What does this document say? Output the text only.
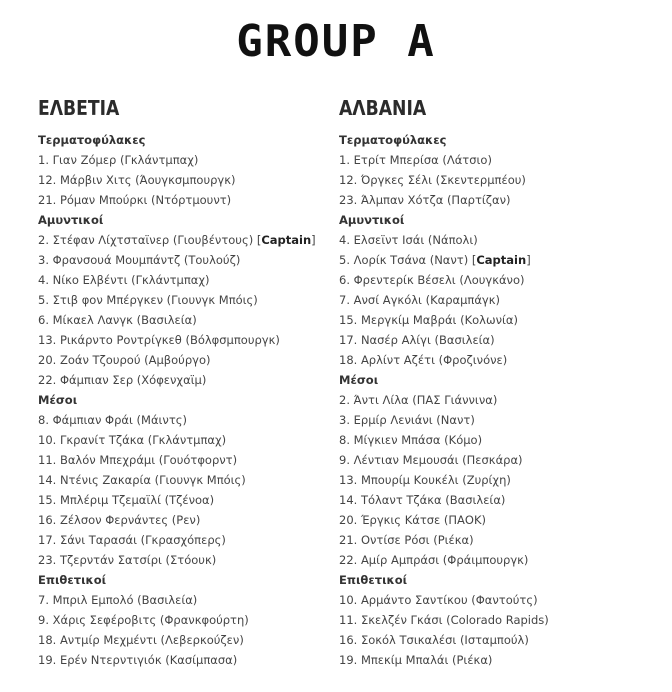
GROUP A
ΕΛΒΕΤΙΑ
Τερματοφύλακες
1. Γιαν Ζόμερ (Γκλάντμπαχ)
12. Μάρβιν Χιτς (Άουγκσμπουργκ)
21. Ρόμαν Μπούρκι (Ντόρτμουντ)
Αμυντικοί
2. Στέφαν Λίχτσταϊνερ (Γιουβέντους) [Captain]
3. Φρανσουά Μουμπάντζ (Τουλούζ)
4. Νίκο Ελβέντι (Γκλάντμπαχ)
5. Στιβ φον Μπέργκεν (Γιουνγκ Μπόις)
6. Μίκαελ Λανγκ (Βασιλεία)
13. Ρικάρντο Ροντρίγκεθ (Βόλφσμπουργκ)
20. Ζοάν Τζουρού (Αμβούργο)
22. Φάμπιαν Σερ (Χόφενχαϊμ)
Μέσοι
8. Φάμπιαν Φράι (Μάιντς)
10. Γκρανίτ Τζάκα (Γκλάντμπαχ)
11. Βαλόν Μπεχράμι (Γουότφορντ)
14. Ντένις Ζακαρία (Γιουνγκ Μπόις)
15. Μπλέριμ Τζεμαϊλί (Τζένοα)
16. Ζέλσον Φερνάντες (Ρεν)
17. Σάνι Ταρασάι (Γκρασχόπερς)
23. Τζερντάν Σατσίρι (Στόουκ)
Επιθετικοί
7. Μπριλ Εμπολό (Βασιλεία)
9. Χάρις Σεφέροβιτς (Φρανκφούρτη)
18. Αντμίρ Μεχμέντι (Λεβερκούζεν)
19. Ερέν Ντερντιγιόκ (Κασίμπασα)
ΑΛΒΑΝΙΑ
Τερματοφύλακες
1. Ετρίτ Μπερίσα (Λάτσιο)
12. Όργκες Σέλι (Σκεντερμπέου)
23. Άλμπαν Χότζα (Παρτίζαν)
Αμυντικοί
4. Ελσεϊντ Ισάι (Νάπολι)
5. Λορίκ Τσάνα (Ναντ) [Captain]
6. Φρεντερίκ Βέσελι (Λουγκάνο)
7. Ανσί Αγκόλι (Καραμπάγκ)
15. Μεργκίμ Μαβράι (Κολωνία)
17. Νασέρ Αλίγι (Βασιλεία)
18. Αρλίντ Αζέτι (Φροζινόνε)
Μέσοι
2. Άντι Λίλα (ΠΑΣ Γιάννινα)
3. Ερμίρ Λενιάνι (Ναντ)
8. Μίγκιεν Μπάσα (Κόμο)
9. Λέντιαν Μεμουσάι (Πεσκάρα)
13. Μπουρίμ Κουκέλι (Ζυρίχη)
14. Τόλαντ Τζάκα (Βασιλεία)
20. Έργκις Κάτσε (ΠΑΟΚ)
21. Οντίσε Ρόσι (Ριέκα)
22. Αμίρ Αμπράσι (Φράιμπουργκ)
Επιθετικοί
10. Αρμάντο Σαντίκου (Φαντούτς)
11. Σκελζέν Γκάσι (Colorado Rapids)
16. Σοκόλ Τσικαλέσι (Ισταμπούλ)
19. Μπεκίμ Μπαλάι (Ριέκα)
